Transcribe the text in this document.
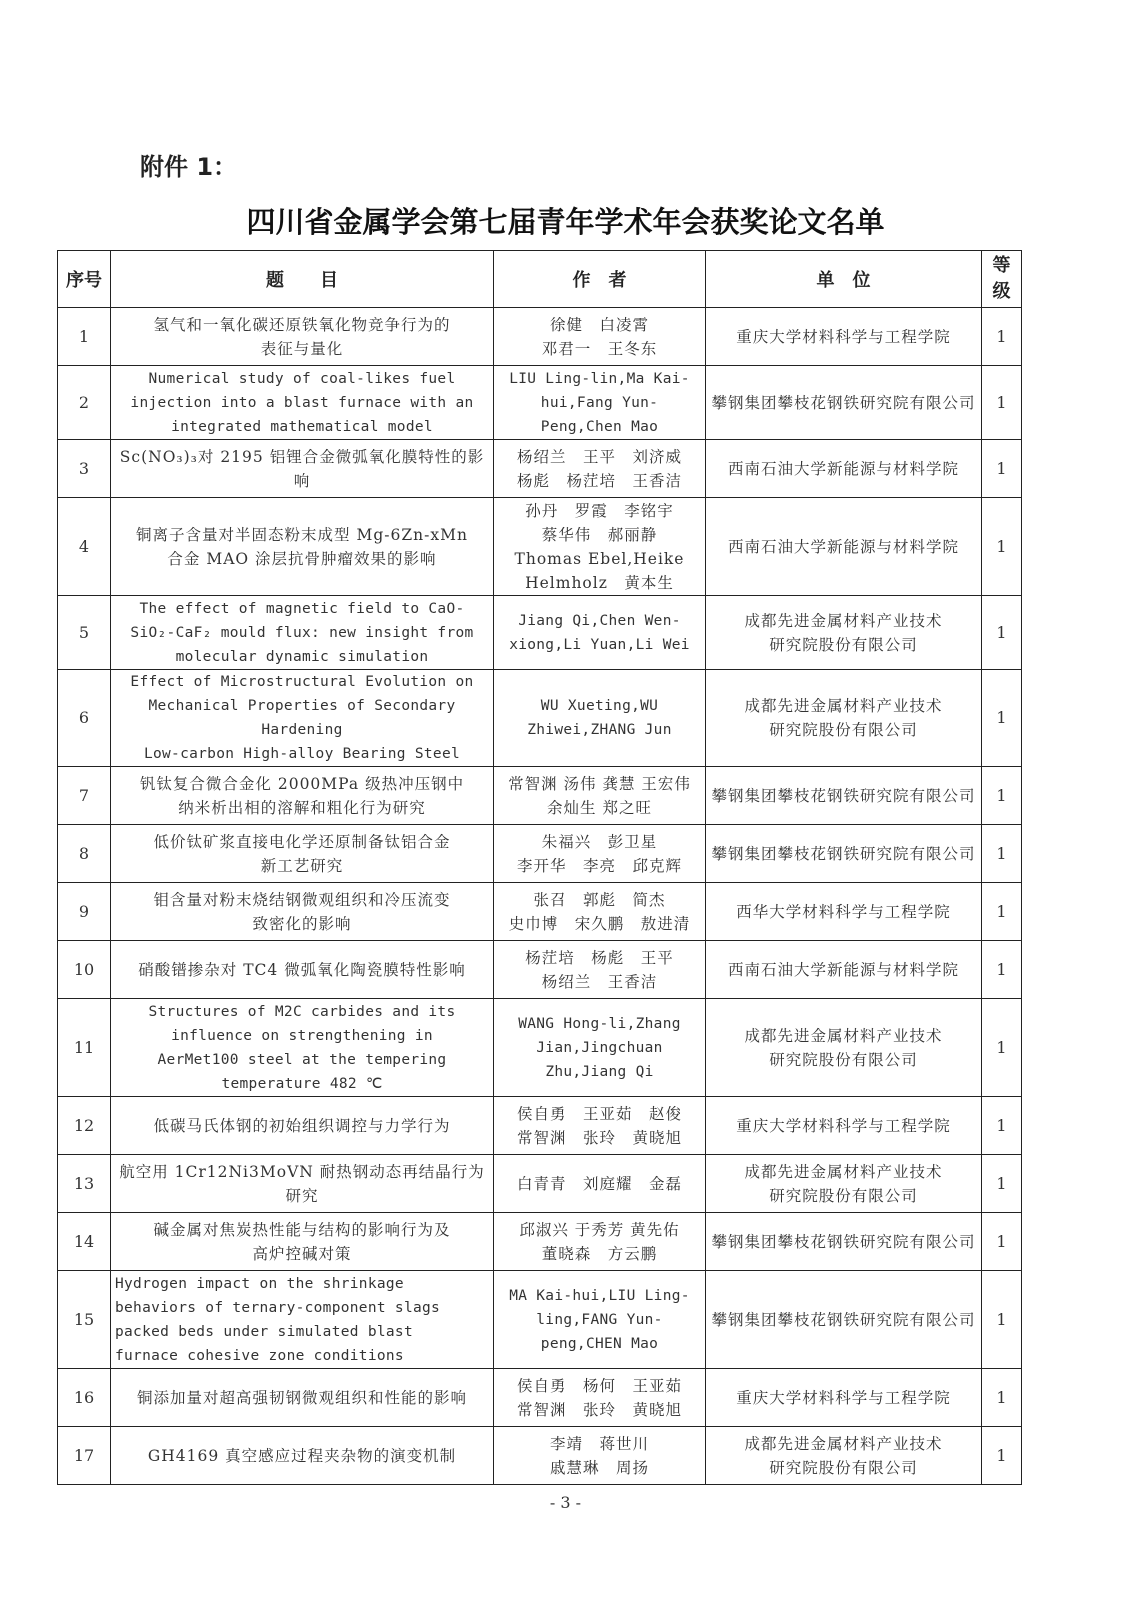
附件 1：
四川省金属学会第七届青年学术年会获奖论文名单
序号	题　　目	作　者	单　位	等
级

1	氢气和一氧化碳还原铁氧化物竞争行为的
表征与量化	徐健　白凌霄
邓君一　王冬东	重庆大学材料科学与工程学院	1
2	Numerical study of coal-likes fuel
injection into a blast furnace with an
integrated mathematical model	LIU Ling-lin,Ma Kai-
hui,Fang Yun-
Peng,Chen Mao	攀钢集团攀枝花钢铁研究院有限公司	1
3	Sc(NO₃)₃对 2195 铝锂合金微弧氧化膜特性的影响	杨绍兰　王平　刘济威
杨彪　杨茳培　王香洁	西南石油大学新能源与材料学院	1
4	铜离子含量对半固态粉末成型 Mg-6Zn-xMn
合金 MAO 涂层抗骨肿瘤效果的影响	孙丹　罗霞　李铭宇
蔡华伟　郝丽静
Thomas Ebel,Heike
Helmholz　黄本生	西南石油大学新能源与材料学院	1
5	The effect of magnetic field to CaO-
SiO₂-CaF₂ mould flux: new insight from
molecular dynamic simulation	Jiang Qi,Chen Wen-
xiong,Li Yuan,Li Wei	成都先进金属材料产业技术
研究院股份有限公司	1
6	Effect of Microstructural Evolution on
Mechanical Properties of Secondary Hardening
Low-carbon High-alloy Bearing Steel	WU Xueting,WU
Zhiwei,ZHANG Jun	成都先进金属材料产业技术
研究院股份有限公司	1
7	钒钛复合微合金化 2000MPa 级热冲压钢中
纳米析出相的溶解和粗化行为研究	常智渊 汤伟 龚慧 王宏伟
余灿生 郑之旺	攀钢集团攀枝花钢铁研究院有限公司	1
8	低价钛矿浆直接电化学还原制备钛铝合金
新工艺研究	朱福兴　彭卫星
李开华　李亮　邱克辉	攀钢集团攀枝花钢铁研究院有限公司	1
9	钼含量对粉末烧结钢微观组织和冷压流变
致密化的影响	张召　郭彪　简杰
史巾博　宋久鹏　敖进清	西华大学材料科学与工程学院	1
10	硝酸镨掺杂对 TC4 微弧氧化陶瓷膜特性影响	杨茳培　杨彪　王平
杨绍兰　王香洁	西南石油大学新能源与材料学院	1
11	Structures of M2C carbides and its
influence on strengthening in
AerMet100 steel at the tempering
temperature 482 ℃	WANG Hong-li,Zhang
Jian,Jingchuan
Zhu,Jiang Qi	成都先进金属材料产业技术
研究院股份有限公司	1
12	低碳马氏体钢的初始组织调控与力学行为	侯自勇　王亚茹　赵俊
常智渊　张玲　黄晓旭	重庆大学材料科学与工程学院	1
13	航空用 1Cr12Ni3MoVN 耐热钢动态再结晶行为研究	白青青　刘庭耀　金磊	成都先进金属材料产业技术
研究院股份有限公司	1
14	碱金属对焦炭热性能与结构的影响行为及
高炉控碱对策	邱淑兴 于秀芳 黄先佑
董晓森　方云鹏	攀钢集团攀枝花钢铁研究院有限公司	1
15	Hydrogen impact on the shrinkage
behaviors of ternary-component slags
packed beds under simulated blast
furnace cohesive zone conditions	MA Kai-hui,LIU Ling-
ling,FANG Yun-
peng,CHEN Mao	攀钢集团攀枝花钢铁研究院有限公司	1
16	铜添加量对超高强韧钢微观组织和性能的影响	侯自勇　杨何　王亚茹
常智渊　张玲　黄晓旭	重庆大学材料科学与工程学院	1
17	GH4169 真空感应过程夹杂物的演变机制	李靖　蒋世川
戚慧琳　周扬	成都先进金属材料产业技术
研究院股份有限公司	1
- 3 -
